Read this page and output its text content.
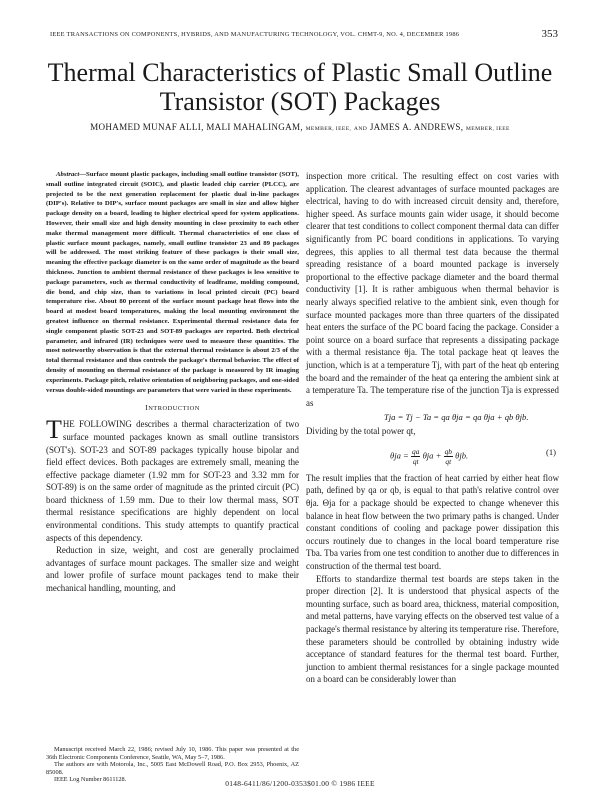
IEEE TRANSACTIONS ON COMPONENTS, HYBRIDS, AND MANUFACTURING TECHNOLOGY, VOL. CHMT-9, NO. 4, DECEMBER 1986	353
Thermal Characteristics of Plastic Small Outline Transistor (SOT) Packages
MOHAMED MUNAF ALLI, MALI MAHALINGAM, MEMBER, IEEE, AND JAMES A. ANDREWS, MEMBER, IEEE

Abstract—Surface mount plastic packages, including small outline transistor (SOT), small outline integrated circuit (SOIC), and plastic leaded chip carrier (PLCC), are projected to be the next generation replacement for plastic dual in-line packages (DIP's). Relative to DIP's, surface mount packages are small in size and allow higher package density on a board, leading to higher electrical speed for system applications. However, their small size and high density mounting in close proximity to each other make thermal management more difficult. Thermal characteristics of one class of plastic surface mount packages, namely, small outline transistor 23 and 89 packages will be addressed. The most striking feature of these packages is their small size, meaning the effective package diameter is on the same order of magnitude as the board thickness. Junction to ambient thermal resistance of these packages is less sensitive to package parameters, such as thermal conductivity of leadframe, molding compound, die bond, and chip size, than to variations in local printed circuit (PC) board temperature rise. About 80 percent of the surface mount package heat flows into the board at modest board temperatures, making the local mounting environment the greatest influence on thermal resistance. Experimental thermal resistance data for single component plastic SOT-23 and SOT-89 packages are reported. Both electrical parameter, and infrared (IR) techniques were used to measure these quantities. The most noteworthy observation is that the external thermal resistance is about 2/3 of the total thermal resistance and thus controls the package's thermal behavior. The effect of density of mounting on thermal resistance of the package is measured by IR imaging experiments. Package pitch, relative orientation of neighboring packages, and one-sided versus double-sided mountings are parameters that were varied in these experiments.

INTRODUCTION

THE FOLLOWING describes a thermal characterization of two surface mounted packages known as small outline transistors (SOT's). SOT-23 and SOT-89 packages typically house bipolar and field effect devices. Both packages are extremely small, meaning the effective package diameter (1.92 mm for SOT-23 and 3.32 mm for SOT-89) is on the same order of magnitude as the printed circuit (PC) board thickness of 1.59 mm. Due to their low thermal mass, SOT thermal resistance specifications are highly dependent on local environmental conditions. This study attempts to quantify practical aspects of this dependency.

Reduction in size, weight, and cost are generally proclaimed advantages of surface mount packages. The smaller size and weight and lower profile of surface mount packages tend to make their mechanical handling, mounting, and

inspection more critical. The resulting effect on cost varies with application. The clearest advantages of surface mounted packages are electrical, having to do with increased circuit density and, therefore, higher speed. As surface mounts gain wider usage, it should become clearer that test conditions to collect component thermal data can differ significantly from PC board conditions in applications. To varying degrees, this applies to all thermal test data because the thermal spreading resistance of a board mounted package is inversely proportional to the effective package diameter and the board thermal conductivity [1]. It is rather ambiguous when thermal behavior is nearly always specified relative to the ambient sink, even though for surface mounted packages more than three quarters of the dissipated heat enters the surface of the PC board facing the package. Consider a point source on a board surface that represents a dissipating package with a thermal resistance θja. The total package heat qt leaves the junction, which is at a temperature Tj, with part of the heat qb entering the board and the remainder of the heat qa entering the ambient sink at a temperature Ta. The temperature rise of the junction Tja is expressed as

Tja = Tj − Ta = qa θja = qa θja + qb θjb.

Dividing by the total power qt,

$\theta ja = \frac{qa}{qt}$ $\theta ja + \frac{qb}{qt} \theta jb$.	(1)

The result implies that the fraction of heat carried by either heat flow path, defined by qa or qb, is equal to that path's relative control over θja. Θja for a package should be expected to change whenever this balance in heat flow between the two primary paths is changed. Under constant conditions of cooling and package power dissipation this occurs routinely due to changes in the local board temperature rise Tba. Tba varies from one test condition to another due to differences in construction of the thermal test board.

Efforts to standardize thermal test boards are steps taken in the proper direction [2]. It is understood that physical aspects of the mounting surface, such as board area, thickness, material composition, and metal patterns, have varying effects on the observed test value of a package's thermal resistance by altering its temperature rise. Therefore, these parameters should be controlled by obtaining industry wide acceptance of standard features for the thermal test board. Further, junction to ambient thermal resistances for a single package mounted on a board can be considerably lower than

Manuscript received March 22, 1986; revised July 10, 1986. This paper was presented at the 36th Electronic Components Conference, Seattle, WA, May 5–7, 1986.

The authors are with Motorola, Inc., 5005 East McDowell Road, P.O. Box 2953, Phoenix, AZ 85008.

IEEE Log Number 8611128.	0148-6411/86/1200-0353$01.00 © 1986 IEEE
